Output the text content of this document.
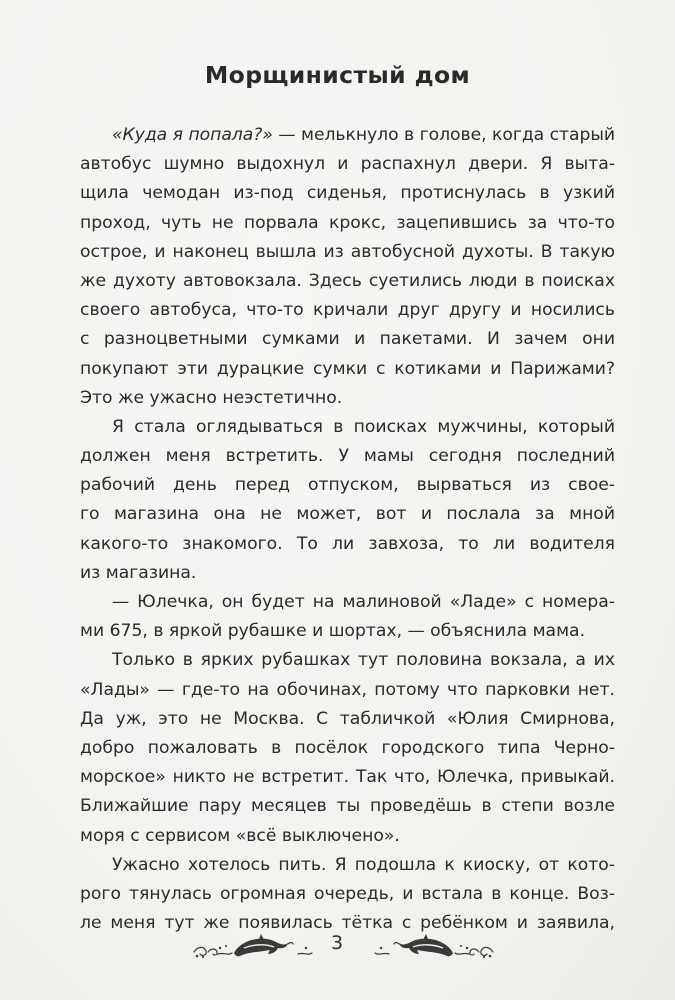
Морщинистый дом
«Куда я попала?» — мелькнуло в голове, когда старый
автобус шумно выдохнул и распахнул двери. Я выта-
щила чемодан из-под сиденья, протиснулась в узкий
проход, чуть не порвала крокс, зацепившись за что-то
острое, и наконец вышла из автобусной духоты. В такую
же духоту автовокзала. Здесь суетились люди в поисках
своего автобуса, что-то кричали друг другу и носились
с разноцветными сумками и пакетами. И зачем они
покупают эти дурацкие сумки с котиками и Парижами?
Это же ужасно неэстетично.
Я стала оглядываться в поисках мужчины, который
должен меня встретить. У мамы сегодня последний
рабочий день перед отпуском, вырваться из свое-
го магазина она не может, вот и послала за мной
какого-то знакомого. То ли завхоза, то ли водителя
из магазина.
— Юлечка, он будет на малиновой «Ладе» с номера-
ми 675, в яркой рубашке и шортах, — объяснила мама.
Только в ярких рубашках тут половина вокзала, а их
«Лады» — где-то на обочинах, потому что парковки нет.
Да уж, это не Москва. С табличкой «Юлия Смирнова,
добро пожаловать в посёлок городского типа Черно-
морское» никто не встретит. Так что, Юлечка, привыкай.
Ближайшие пару месяцев ты проведёшь в степи возле
моря с сервисом «всё выключено».
Ужасно хотелось пить. Я подошла к киоску, от кото-
рого тянулась огромная очередь, и встала в конце. Воз-
ле меня тут же появилась тётка с ребёнком и заявила,
3
